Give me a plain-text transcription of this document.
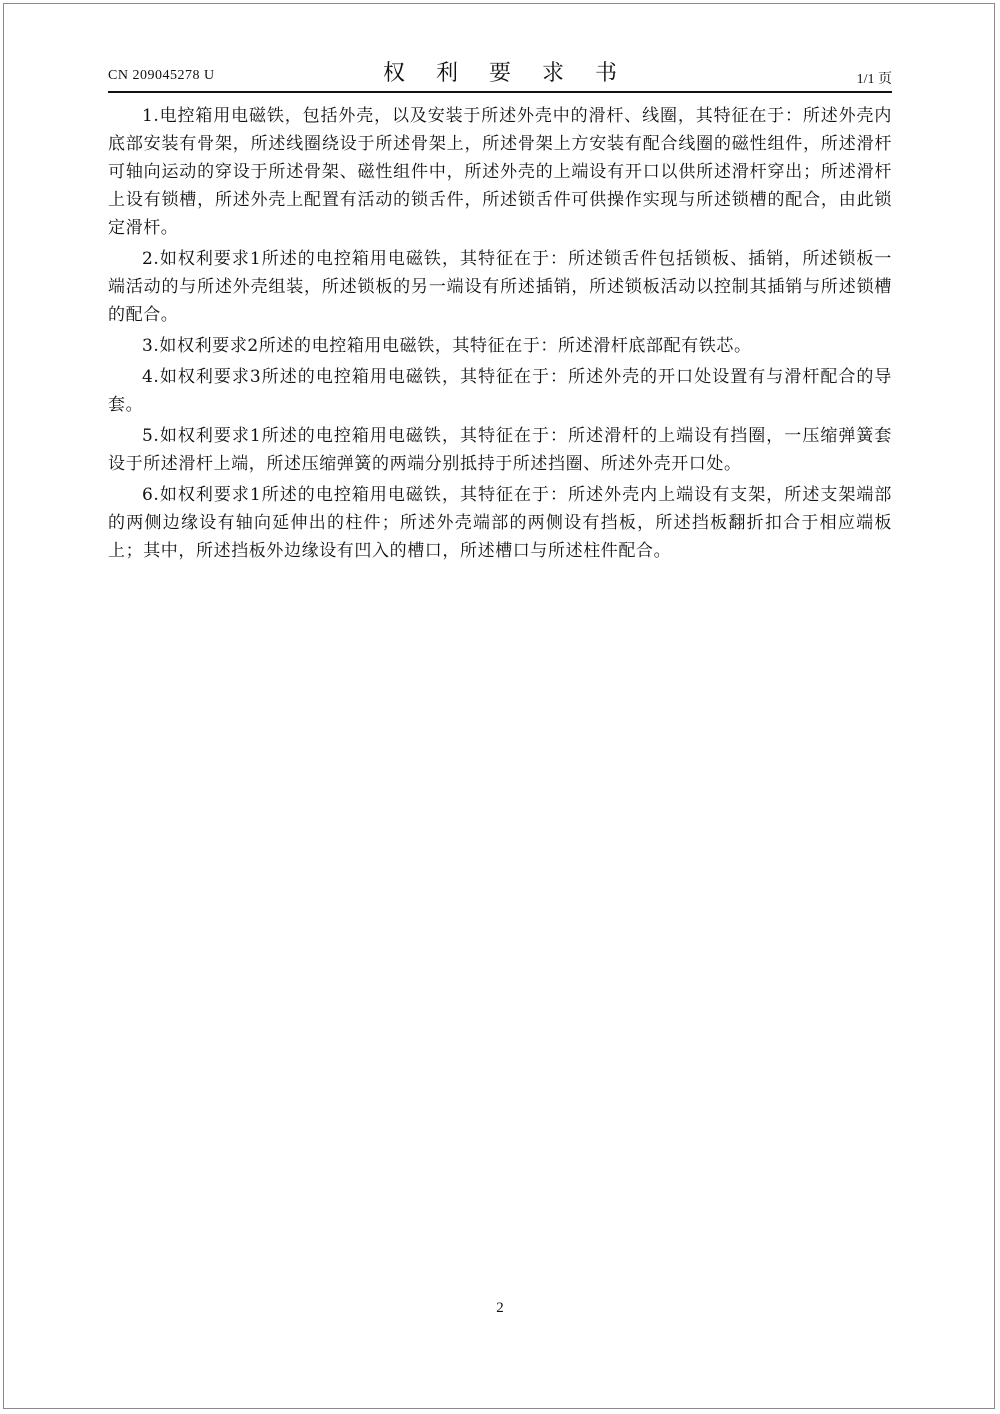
CN 209045278 U	权 利 要 求 书	1/1 页

1.电控箱用电磁铁，包括外壳，以及安装于所述外壳中的滑杆、线圈，其特征在于：所述外壳内底部安装有骨架，所述线圈绕设于所述骨架上，所述骨架上方安装有配合线圈的磁性组件，所述滑杆可轴向运动的穿设于所述骨架、磁性组件中，所述外壳的上端设有开口以供所述滑杆穿出；所述滑杆上设有锁槽，所述外壳上配置有活动的锁舌件，所述锁舌件可供操作实现与所述锁槽的配合，由此锁定滑杆。

2.如权利要求1所述的电控箱用电磁铁，其特征在于：所述锁舌件包括锁板、插销，所述锁板一端活动的与所述外壳组装，所述锁板的另一端设有所述插销，所述锁板活动以控制其插销与所述锁槽的配合。

3.如权利要求2所述的电控箱用电磁铁，其特征在于：所述滑杆底部配有铁芯。

4.如权利要求3所述的电控箱用电磁铁，其特征在于：所述外壳的开口处设置有与滑杆配合的导套。

5.如权利要求1所述的电控箱用电磁铁，其特征在于：所述滑杆的上端设有挡圈，一压缩弹簧套设于所述滑杆上端，所述压缩弹簧的两端分别抵持于所述挡圈、所述外壳开口处。

6.如权利要求1所述的电控箱用电磁铁，其特征在于：所述外壳内上端设有支架，所述支架端部的两侧边缘设有轴向延伸出的柱件；所述外壳端部的两侧设有挡板，所述挡板翻折扣合于相应端板上；其中，所述挡板外边缘设有凹入的槽口，所述槽口与所述柱件配合。

2
